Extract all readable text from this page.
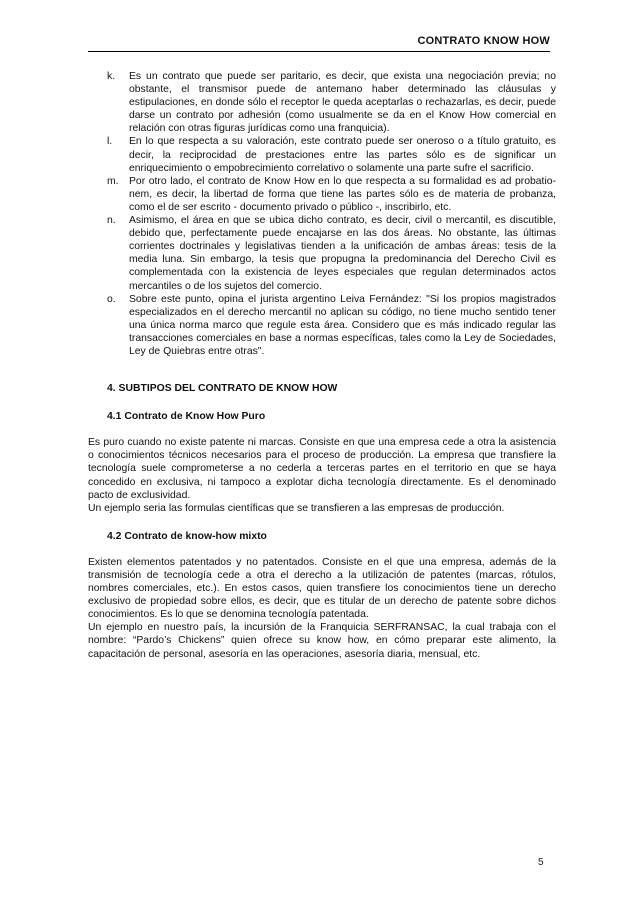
CONTRATO KNOW HOW
k. Es un contrato que puede ser paritario, es decir, que exista una negociación previa; no obstante, el transmisor puede de antemano haber determinado las cláusulas y estipulaciones, en donde sólo el receptor le queda aceptarlas o rechazarlas, es decir, puede darse un contrato por adhesión (como usualmente se da en el Know How comercial en relación con otras figuras jurídicas como una franquicia).
l. En lo que respecta a su valoración, este contrato puede ser oneroso o a título gratuito, es decir, la reciprocidad de prestaciones entre las partes sólo es de significar un enriquecimiento o empobrecimiento correlativo o solamente una parte sufre el sacrificio.
m. Por otro lado, el contrato de Know How en lo que respecta a su formalidad es ad probatio-nem, es decir, la libertad de forma que tiene las partes sólo es de materia de probanza, como el de ser escrito - documento privado o público -, inscribirlo, etc.
n. Asimismo, el área en que se ubica dicho contrato, es decir, civil o mercantil, es discutible, debido que, perfectamente puede encajarse en las dos áreas. No obstante, las últimas corrientes doctrinales y legislativas tienden a la unificación de ambas áreas: tesis de la media luna. Sin embargo, la tesis que propugna la predominancia del Derecho Civil es complementada con la existencia de leyes especiales que regulan determinados actos mercantiles o de los sujetos del comercio.
o. Sobre este punto, opina el jurista argentino Leiva Fernández: "Si los propios magistrados especializados en el derecho mercantil no aplican su código, no tiene mucho sentido tener una única norma marco que regule esta área. Considero que es más indicado regular las transacciones comerciales en base a normas específicas, tales como la Ley de Sociedades, Ley de Quiebras entre otras".

4. SUBTIPOS DEL CONTRATO DE KNOW HOW

4.1 Contrato de Know How Puro

Es puro cuando no existe patente ni marcas. Consiste en que una empresa cede a otra la asistencia o conocimientos técnicos necesarios para el proceso de producción. La empresa que transfiere la tecnología suele comprometerse a no cederla a terceras partes en el territorio en que se haya concedido en exclusiva, ni tampoco a explotar dicha tecnología directamente. Es el denominado pacto de exclusividad.

Un ejemplo seria las formulas científicas que se transfieren a las empresas de producción.

4.2 Contrato de know-how mixto

Existen elementos patentados y no patentados. Consiste en el que una empresa, además de la transmisión de tecnología cede a otra el derecho a la utilización de patentes (marcas, rótulos, nombres comerciales, etc.). En estos casos, quien transfiere los conocimientos tiene un derecho exclusivo de propiedad sobre ellos, es decir, que es titular de un derecho de patente sobre dichos conocimientos. Es lo que se denomina tecnología patentada.

Un ejemplo en nuestro país, la incursión de la Franquicia SERFRANSAC, la cual trabaja con el nombre: “Pardo’s Chickens” quien ofrece su know how, en cómo preparar este alimento, la capacitación de personal, asesoría en las operaciones, asesoría diaria, mensual, etc.

5
